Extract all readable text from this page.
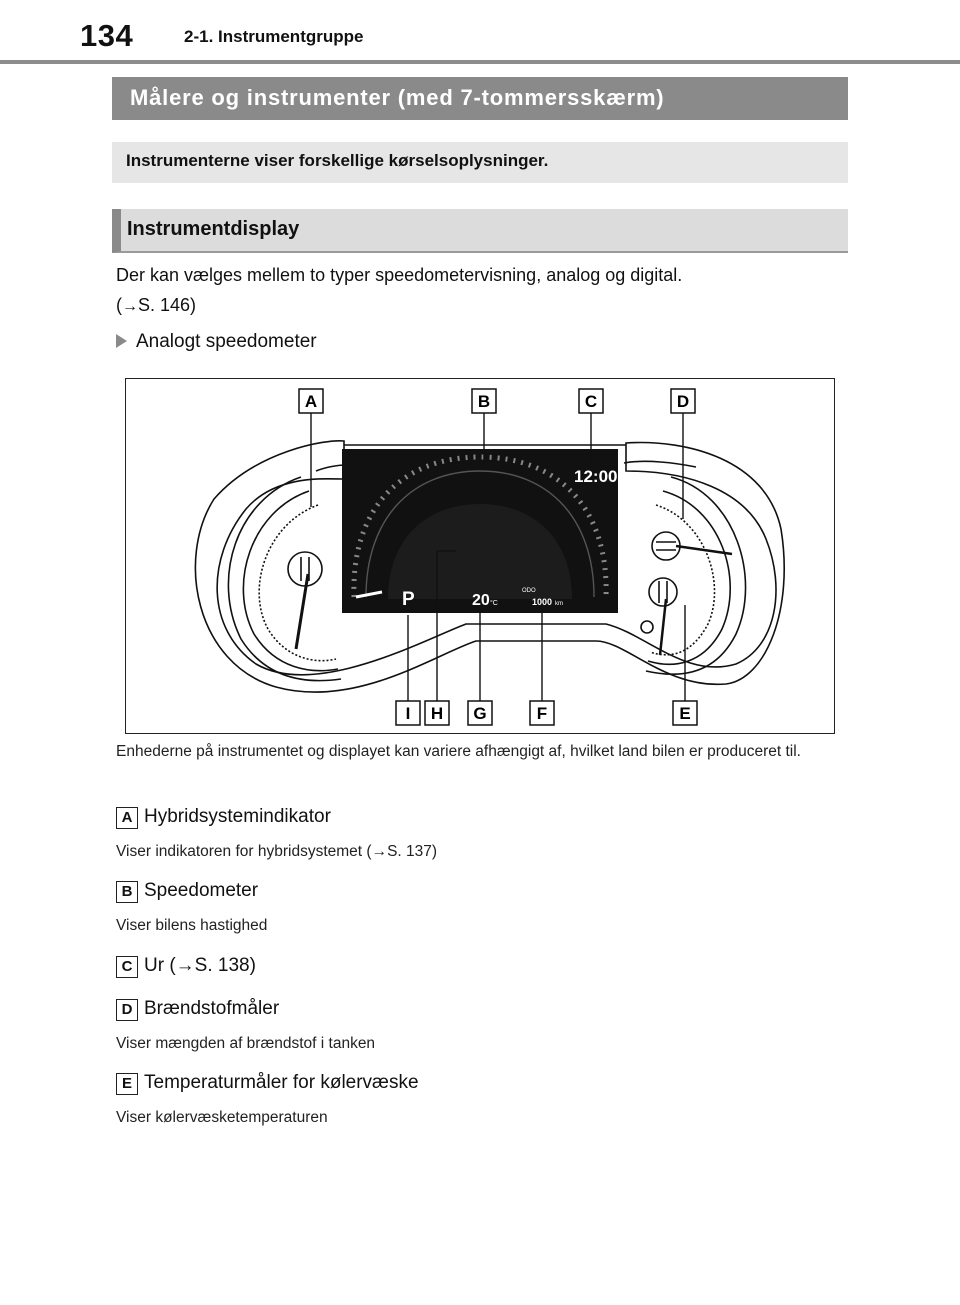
134	2-1. Instrumentgruppe
Målere og instrumenter (med 7-tommersskærm)
Instrumenterne viser forskellige kørselsoplysninger.
Instrumentdisplay
Der kan vælges mellem to typer speedometervisning, analog og digital.
(→S. 146)
Analogt speedometer
12:00
P	20 °C
ODO
1000 km
A	B	C	D
I H G	F	E
Enhederne på instrumentet og displayet kan variere afhængigt af, hvilket land bilen er produceret til.
A Hybridsystemindikator
Viser indikatoren for hybridsystemet (→S. 137)
B Speedometer
Viser bilens hastighed
C Ur (→S. 138)
D Brændstofmåler
Viser mængden af brændstof i tanken
E Temperaturmåler for kølervæske
Viser kølervæsketemperaturen
